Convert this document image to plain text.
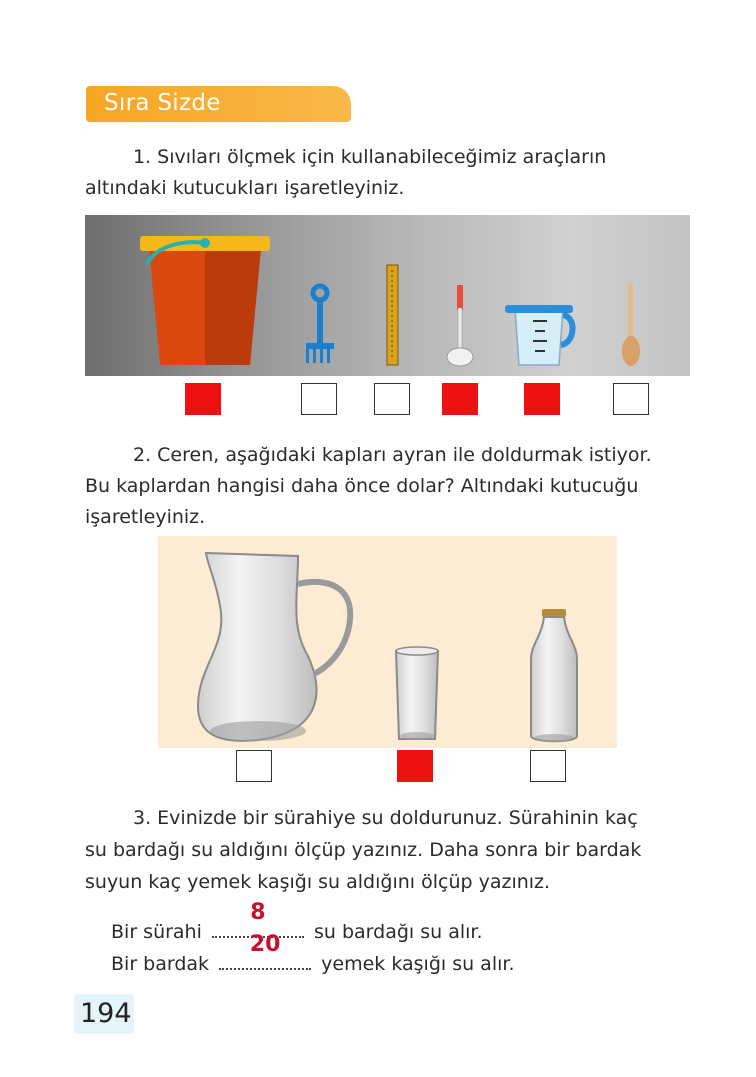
Sıra Sizde
1. Sıvıları ölçmek için kullanabileceğimiz araçların
altındaki kutucukları işaretleyiniz.
2. Ceren, aşağıdaki kapları ayran ile doldurmak istiyor.
Bu kaplardan hangisi daha önce dolar? Altındaki kutucuğu
işaretleyiniz.
3. Evinizde bir sürahiye su doldurunuz. Sürahinin kaç
su bardağı su aldığını ölçüp yazınız. Daha sonra bir bardak
suyun kaç yemek kaşığı su aldığını ölçüp yazınız.
Bir sürahi
8
su bardağı su alır.
Bir bardak
20
yemek kaşığı su alır.
194
